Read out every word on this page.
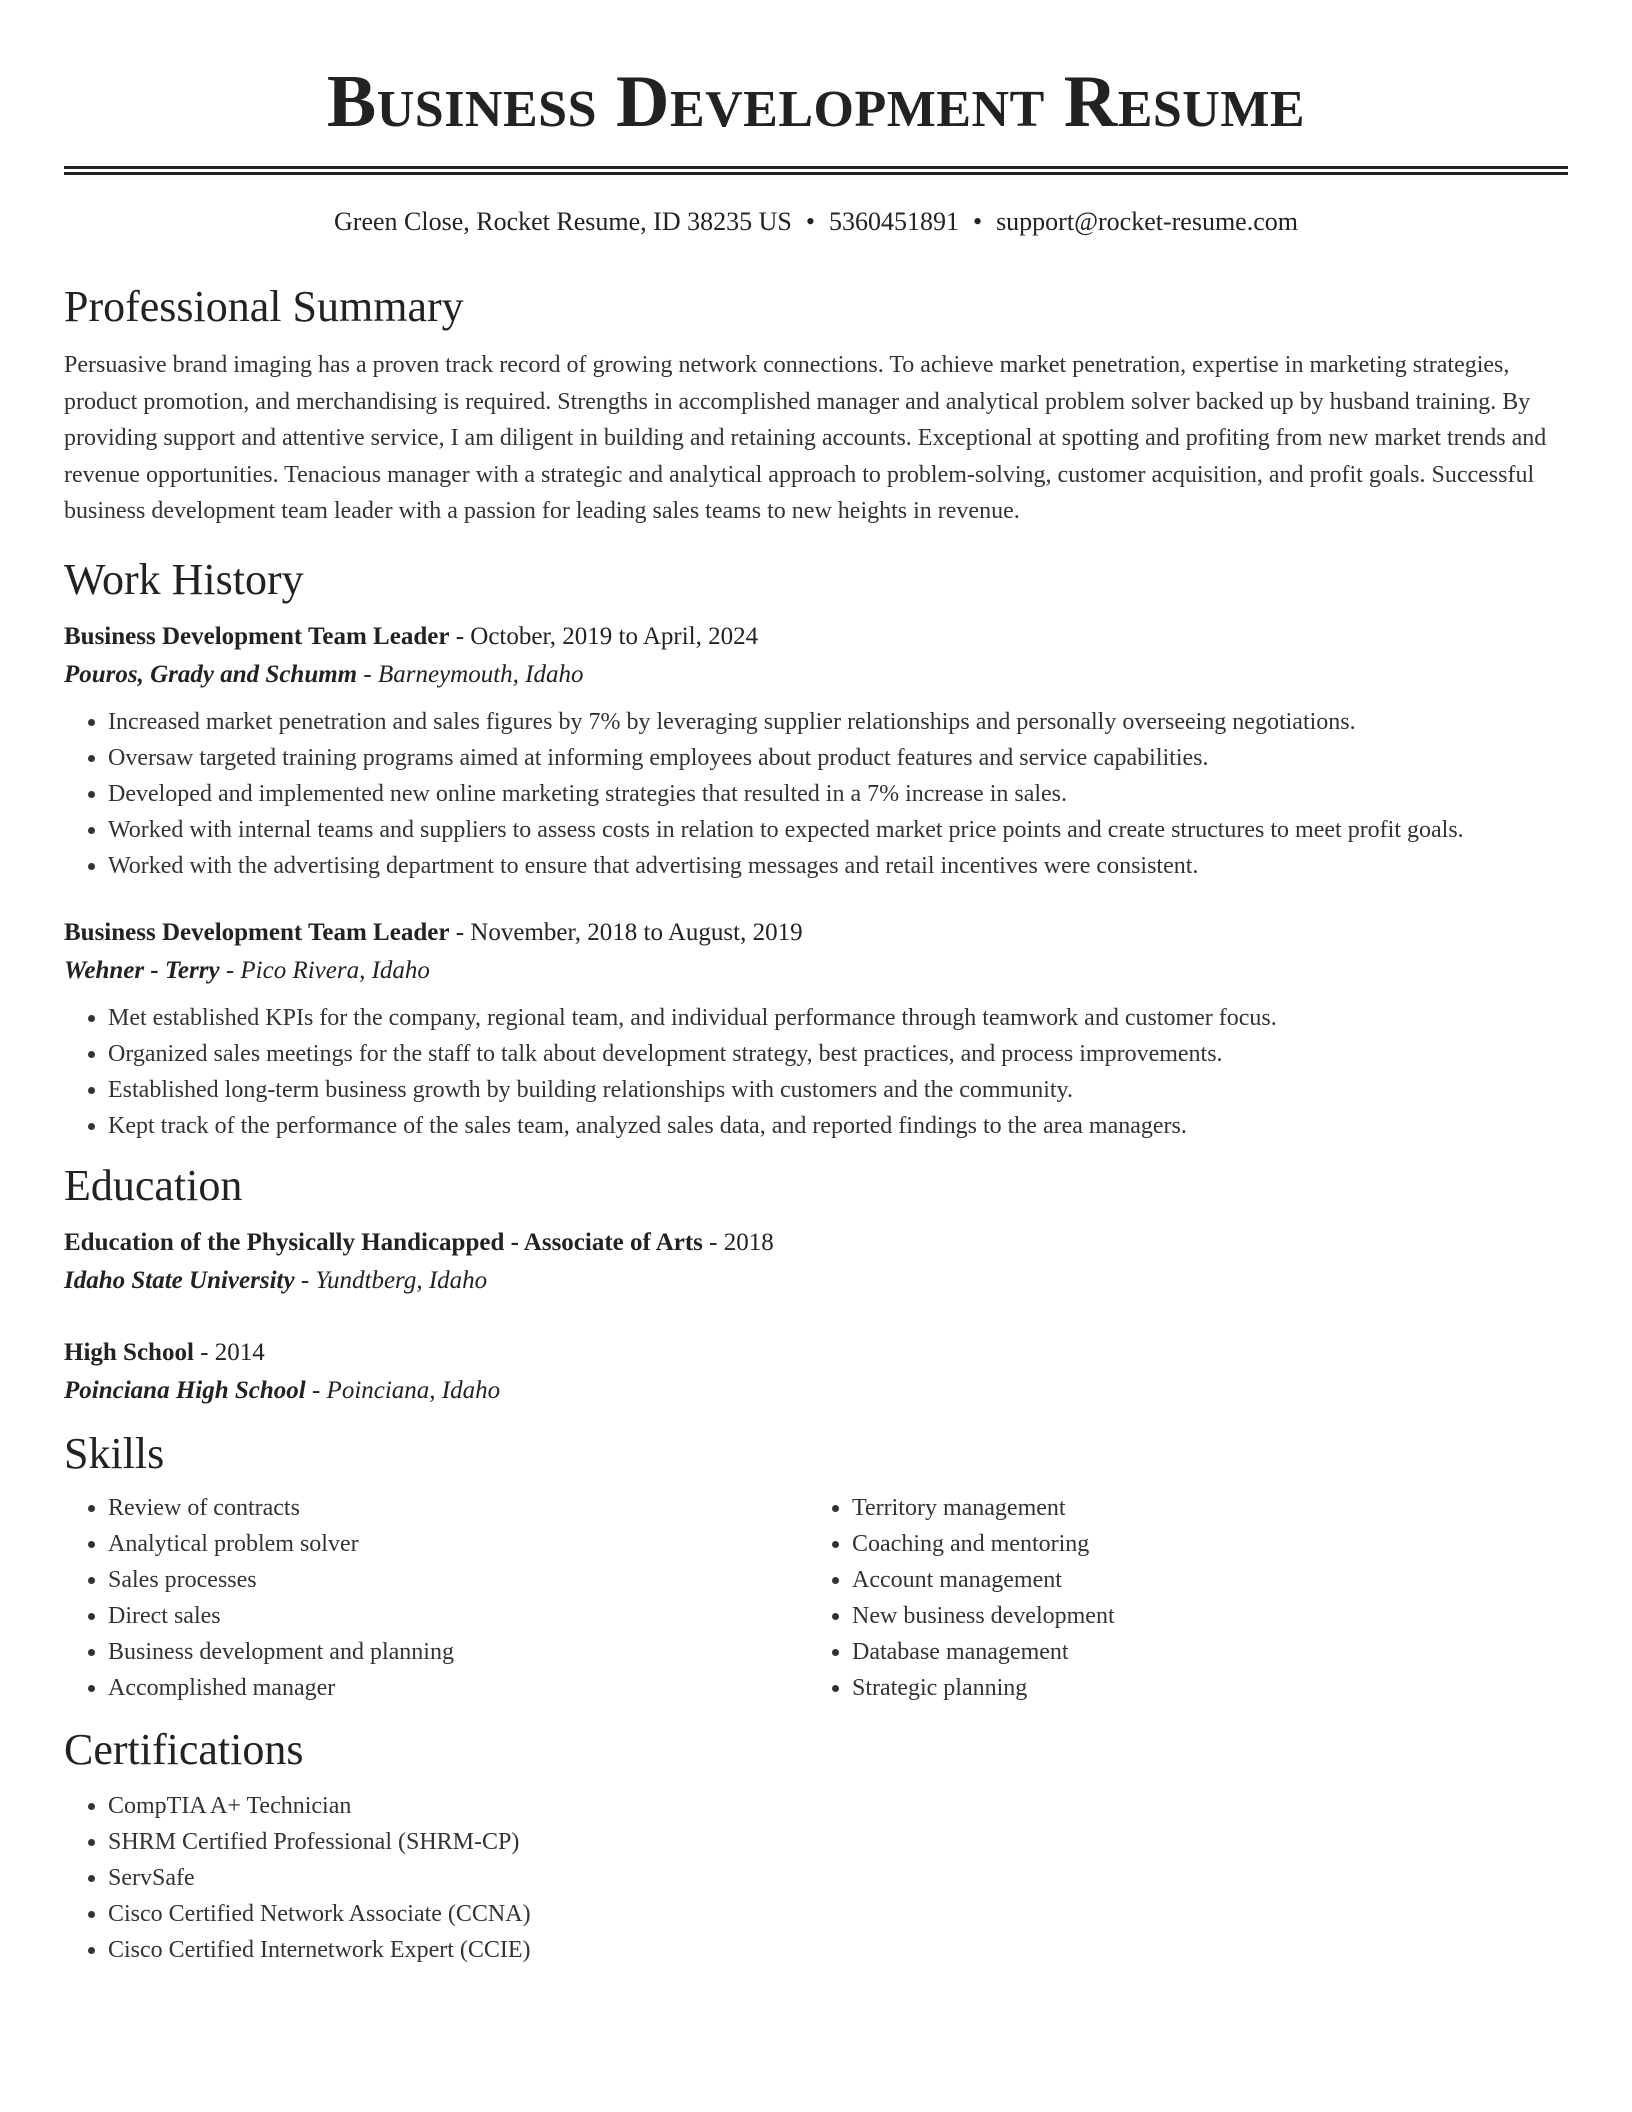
Business Development Resume
Green Close, Rocket Resume, ID 38235 US • 5360451891 • support@rocket-resume.com
Professional Summary

Persuasive brand imaging has a proven track record of growing network connections. To achieve market penetration, expertise in marketing strategies, product promotion, and merchandising is required. Strengths in accomplished manager and analytical problem solver backed up by husband training. By providing support and attentive service, I am diligent in building and retaining accounts. Exceptional at spotting and profiting from new market trends and revenue opportunities. Tenacious manager with a strategic and analytical approach to problem-solving, customer acquisition, and profit goals. Successful business development team leader with a passion for leading sales teams to new heights in revenue.

Work History
Business Development Team Leader - October, 2019 to April, 2024
Pouros, Grady and Schumm - Barneymouth, Idaho
• Increased market penetration and sales figures by 7% by leveraging supplier relationships and personally overseeing negotiations.
• Oversaw targeted training programs aimed at informing employees about product features and service capabilities.
• Developed and implemented new online marketing strategies that resulted in a 7% increase in sales.
• Worked with internal teams and suppliers to assess costs in relation to expected market price points and create structures to meet profit goals.
• Worked with the advertising department to ensure that advertising messages and retail incentives were consistent.
Business Development Team Leader - November, 2018 to August, 2019
Wehner - Terry - Pico Rivera, Idaho
• Met established KPIs for the company, regional team, and individual performance through teamwork and customer focus.
• Organized sales meetings for the staff to talk about development strategy, best practices, and process improvements.
• Established long-term business growth by building relationships with customers and the community.
• Kept track of the performance of the sales team, analyzed sales data, and reported findings to the area managers.
Education
Education of the Physically Handicapped - Associate of Arts - 2018
Idaho State University - Yundtberg, Idaho
High School - 2014
Poinciana High School - Poinciana, Idaho
Skills
• Review of contracts
• Analytical problem solver
• Sales processes
• Direct sales
• Business development and planning
• Accomplished manager
• Territory management
• Coaching and mentoring
• Account management
• New business development
• Database management
• Strategic planning
Certifications
• CompTIA A+ Technician
• SHRM Certified Professional (SHRM-CP)
• ServSafe
• Cisco Certified Network Associate (CCNA)
• Cisco Certified Internetwork Expert (CCIE)
